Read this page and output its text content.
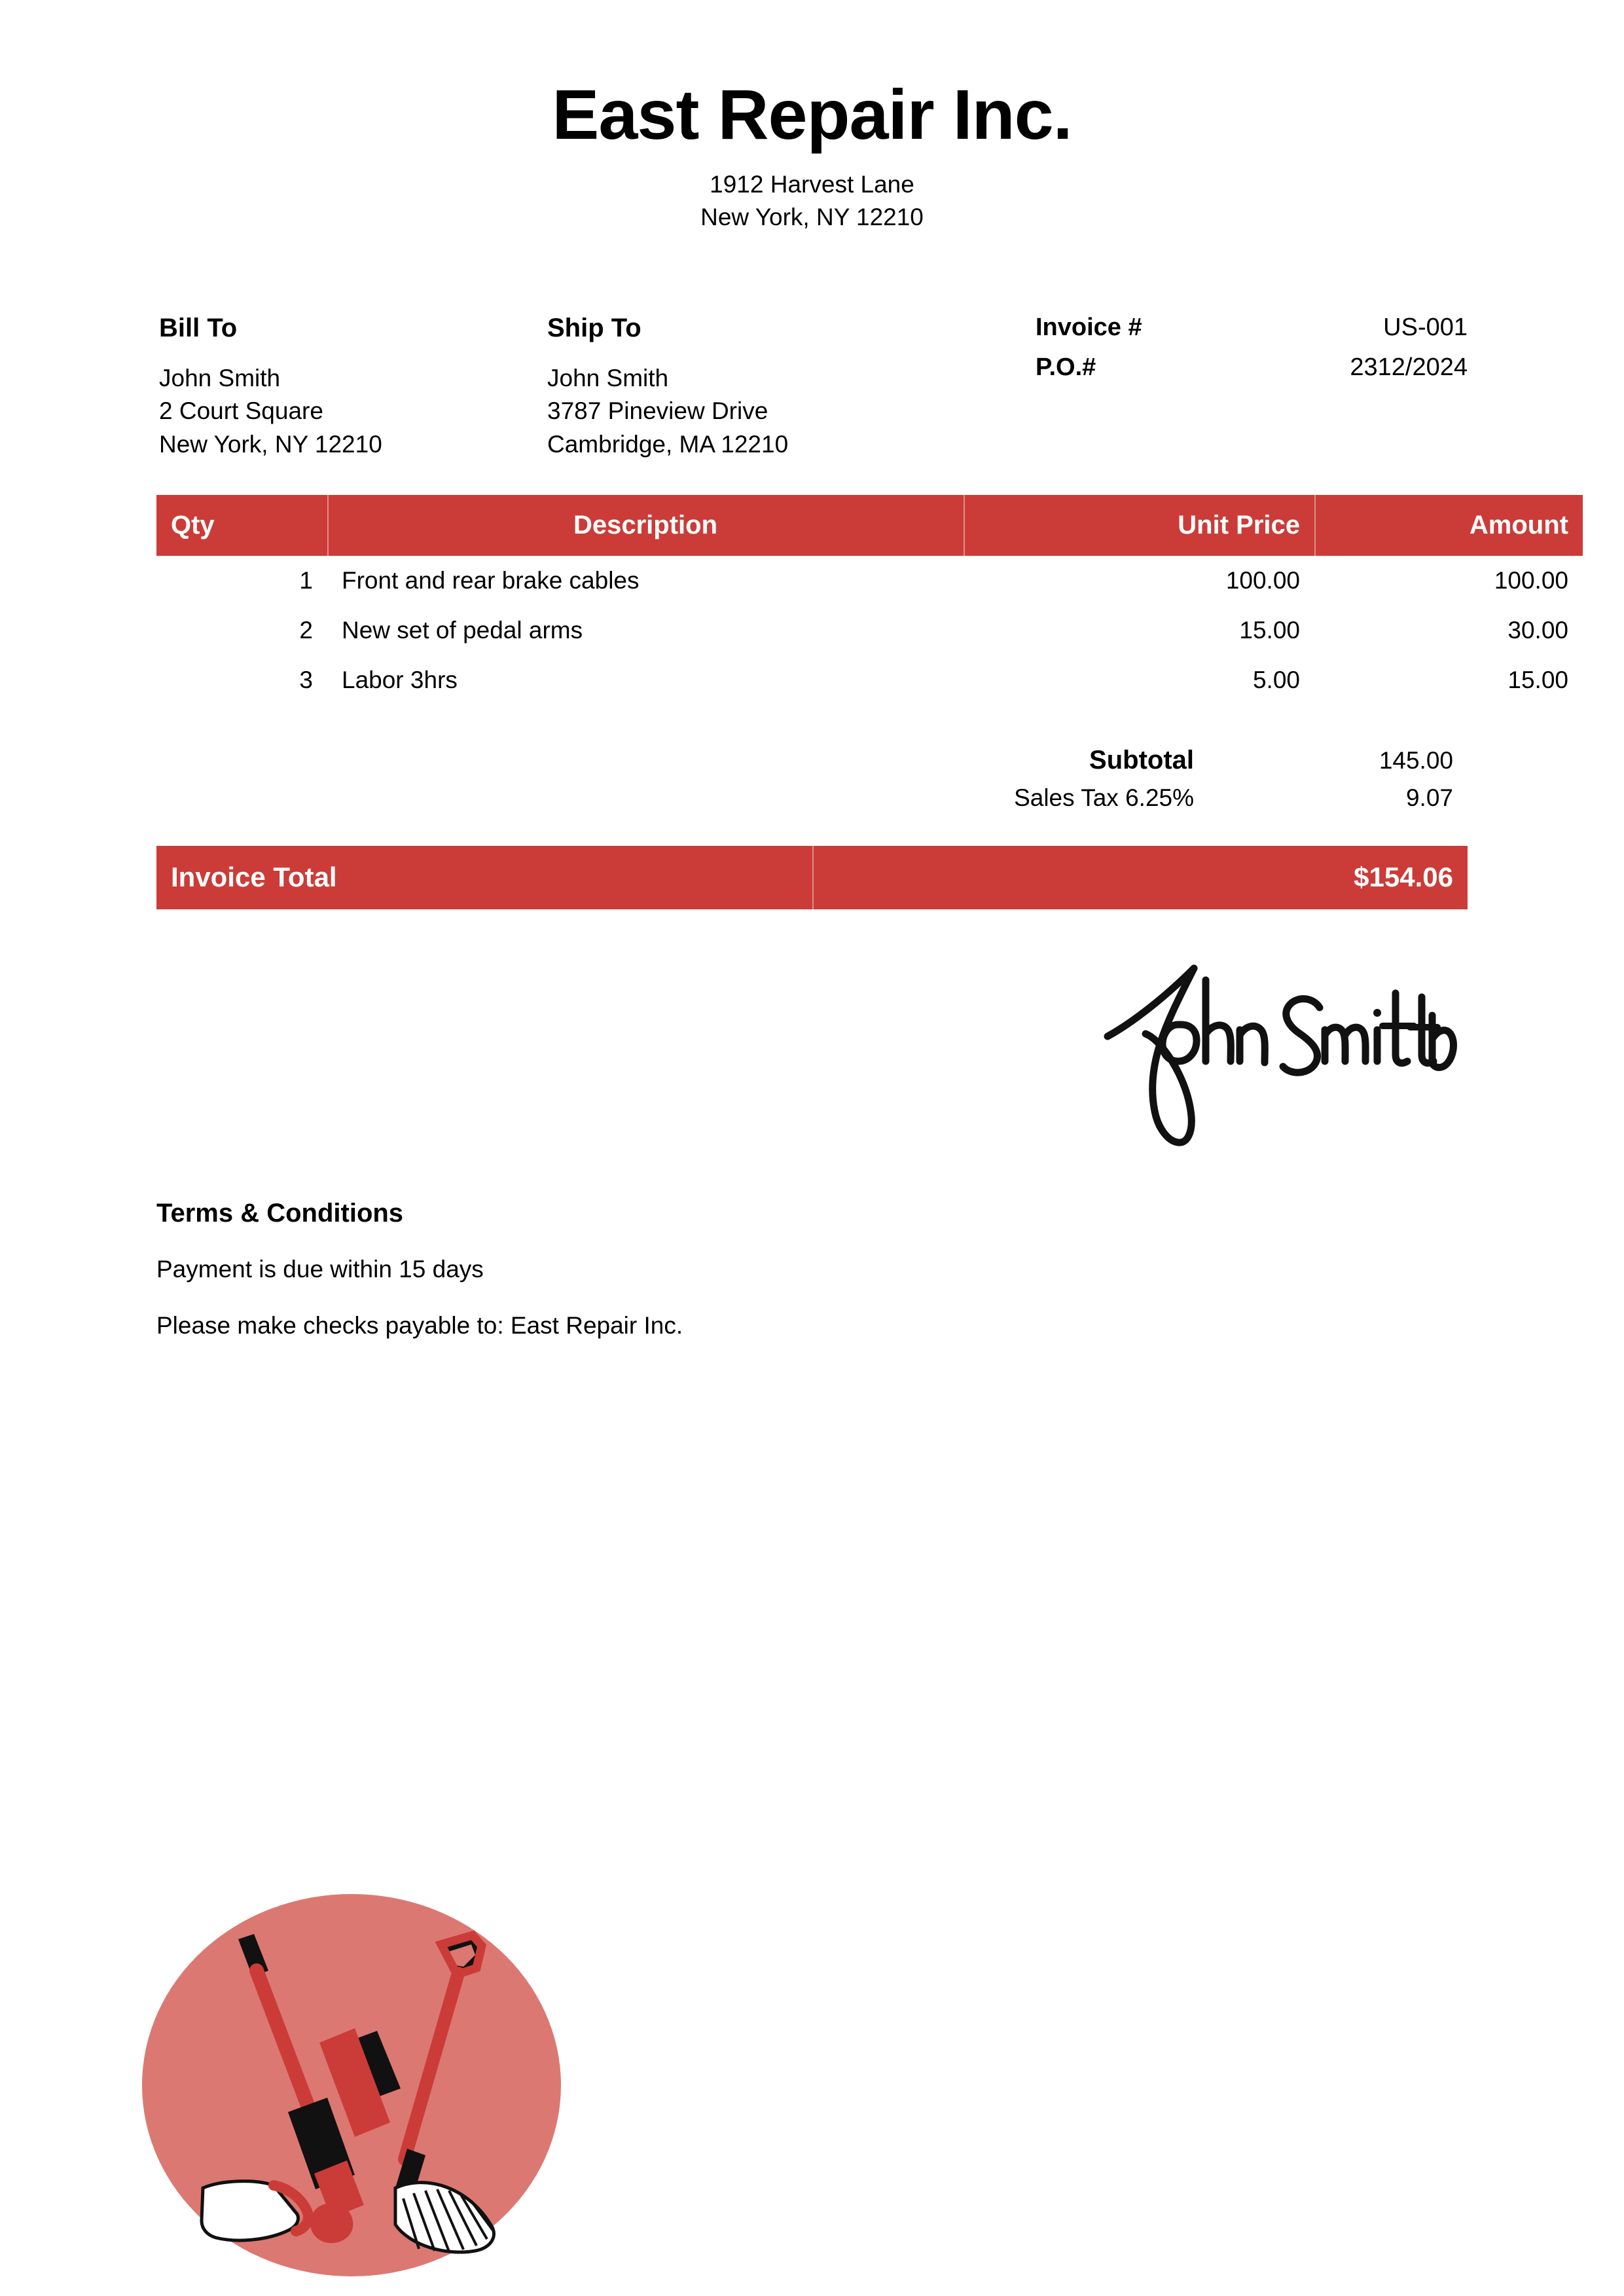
East Repair Inc.
1912 Harvest Lane
New York, NY 12210
Bill To
John Smith
2 Court Square
New York, NY 12210
Ship To
John Smith
3787 Pineview Drive
Cambridge, MA 12210
Invoice #	US-001
P.O.#	2312/2024
Qty	Description	Unit Price	Amount
1	Front and rear brake cables	100.00	100.00
2	New set of pedal arms	15.00	30.00
3	Labor 3hrs	5.00	15.00
Subtotal	145.00
Sales Tax 6.25%	9.07
Invoice Total	$154.06
Terms & Conditions
Payment is due within 15 days
Please make checks payable to: East Repair Inc.
